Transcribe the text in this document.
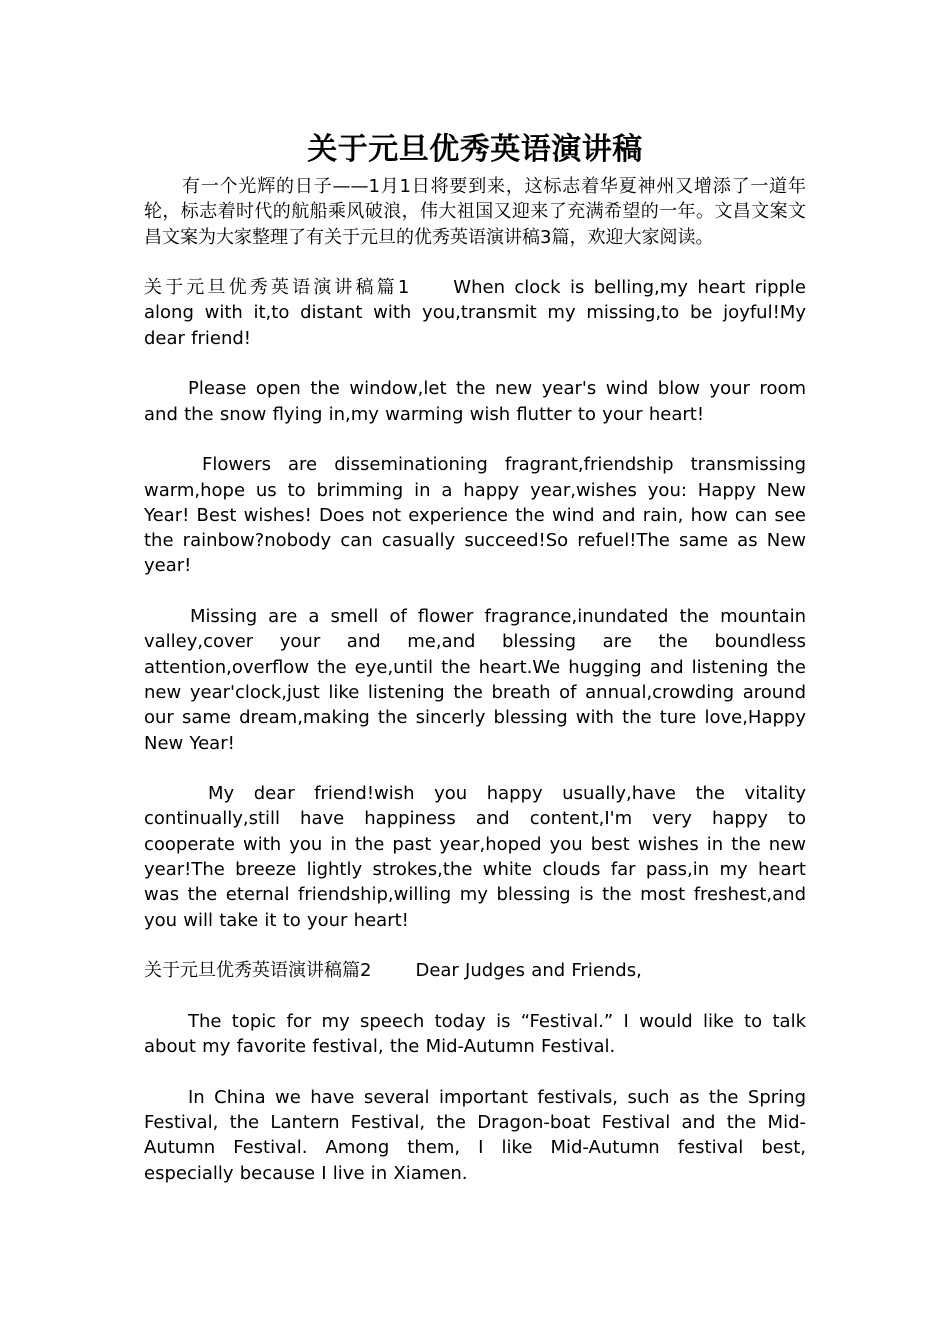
关于元旦优秀英语演讲稿

有一个光辉的日子——1月1日将要到来，这标志着华夏神州又增添了一道年轮，标志着时代的航船乘风破浪，伟大祖国又迎来了充满希望的一年。文昌文案文昌文案为大家整理了有关于元旦的优秀英语演讲稿3篇，欢迎大家阅读。

关于元旦优秀英语演讲稿篇1 When clock is belling,my heart ripple along with it,to distant with you,transmit my missing,to be joyful!My dear friend!

Please open the window,let the new year's wind blow your room and the snow flying in,my warming wish flutter to your heart!

Flowers are disseminationing fragrant,friendship transmissing warm,hope us to brimming in a happy year,wishes you: Happy New Year! Best wishes! Does not experience the wind and rain, how can see the rainbow?nobody can casually succeed!So refuel!The same as New year!

Missing are a smell of flower fragrance,inundated the mountain valley,cover your and me,and blessing are the boundless attention,overflow the eye,until the heart.We hugging and listening the new year'clock,just like listening the breath of annual,crowding around our same dream,making the sincerly blessing with the ture love,Happy New Year!

My dear friend!wish you happy usually,have the vitality continually,still have happiness and content,I'm very happy to cooperate with you in the past year,hoped you best wishes in the new year!The breeze lightly strokes,the white clouds far pass,in my heart was the eternal friendship,willing my blessing is the most freshest,and you will take it to your heart!

关于元旦优秀英语演讲稿篇2 Dear Judges and Friends,

The topic for my speech today is “Festival.” I would like to talk about my favorite festival, the Mid-Autumn Festival.

In China we have several important festivals, such as the Spring Festival, the Lantern Festival, the Dragon-boat Festival and the Mid-Autumn Festival. Among them, I like Mid-Autumn festival best, especially because I live in Xiamen.
